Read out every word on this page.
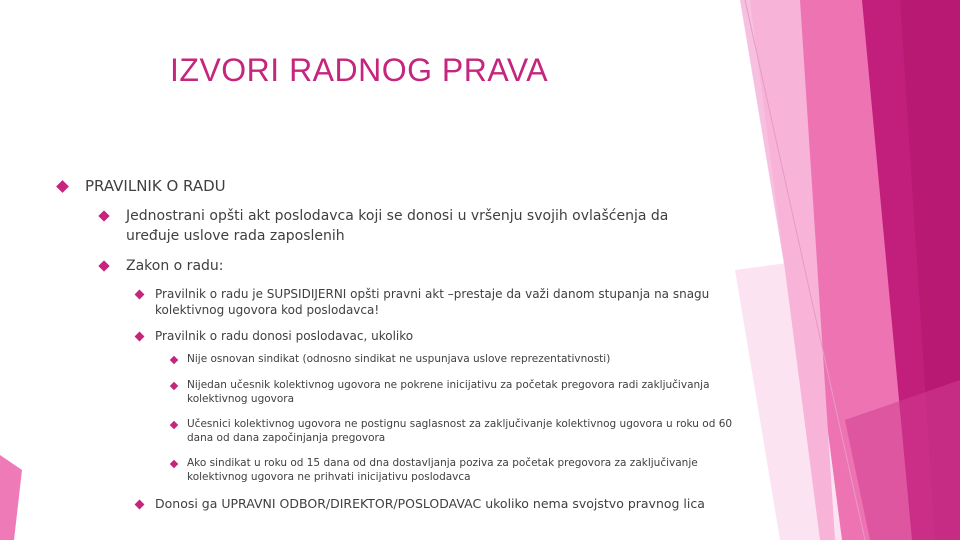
IZVORI RADNOG PRAVA
PRAVILNIK O RADU
Jednostrani opšti akt poslodavca koji se donosi u vršenju svojih ovlašćenja da uređuje uslove rada zaposlenih
Zakon o radu:
Pravilnik o radu je SUPSIDIJERNI opšti pravni akt –prestaje da važi danom stupanja na snagu kolektivnog ugovora kod poslodavca!
Pravilnik o radu donosi poslodavac, ukoliko
Nije osnovan sindikat (odnosno sindikat ne uspunjava uslove reprezentativnosti)
Nijedan učesnik kolektivnog ugovora ne pokrene inicijativu za početak pregovora radi zaključivanja kolektivnog ugovora
Učesnici kolektivnog ugovora ne postignu saglasnost za zaključivanje kolektivnog ugovora u roku od 60 dana od dana započinjanja pregovora
Ako sindikat u roku od 15 dana od dna dostavljanja poziva za početak pregovora za zaključivanje kolektivnog ugovora ne prihvati inicijativu poslodavca
Donosi ga UPRAVNI ODBOR/DIREKTOR/POSLODAVAC ukoliko nema svojstvo pravnog lica
